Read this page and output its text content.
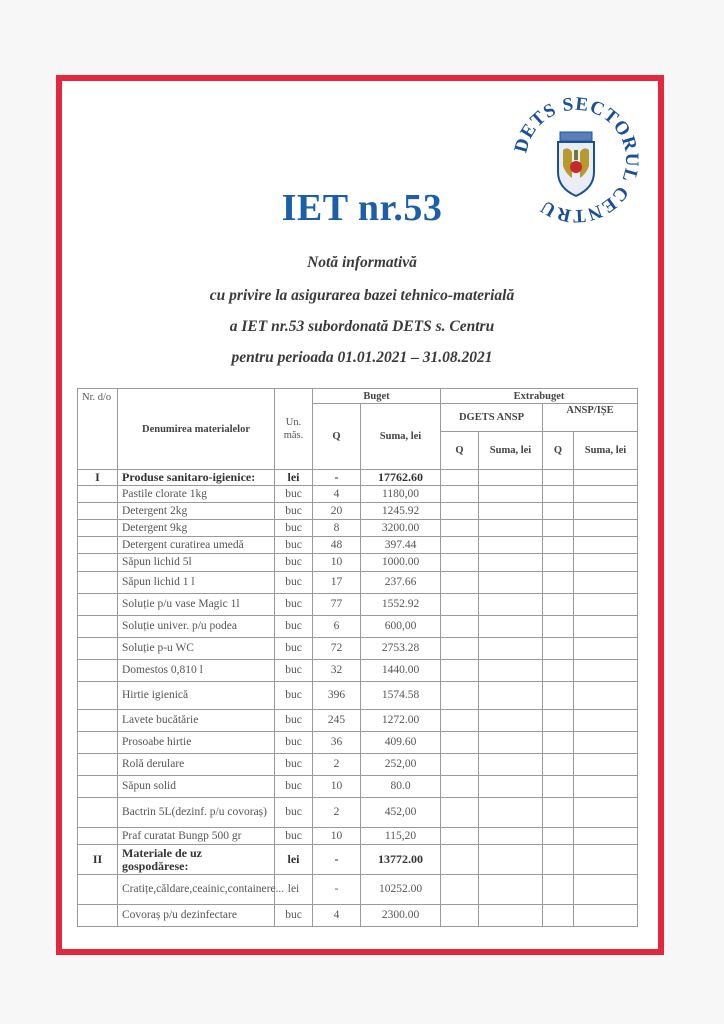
DETS SECTORUL CENTRU
IET nr.53
Notă informativă
cu privire la asigurarea bazei tehnico-materială
a IET nr.53 subordonată DETS s. Centru
pentru perioada 01.01.2021 – 31.08.2021
Nr. d/o	Denumirea materialelor	Un. măs.	Buget		Extrabuget			
			Q	Suma, lei	DGETS ANSP		ANSP/IȘE	
					Q	Suma, lei	Q	Suma, lei
I	Produse sanitaro-igienice:	lei	-	17762.60				
	Pastile clorate 1kg	buc	4	1180,00				
	Detergent 2kg	buc	20	1245.92				
	Detergent 9kg	buc	8	3200.00				
	Detergent curatirea umedă	buc	48	397.44				
	Săpun lichid 5l	buc	10	1000.00				
	Săpun lichid 1 l	buc	17	237.66				
	Soluție p/u vase Magic 1l	buc	77	1552.92				
	Soluție univer. p/u podea	buc	6	600,00				
	Soluție p-u WC	buc	72	2753.28				
	Domestos 0,810 l	buc	32	1440.00				
	Hirtie igienică	buc	396	1574.58				
	Lavete bucătărie	buc	245	1272.00				
	Prosoabe hirtie	buc	36	409.60				
	Rolă derulare	buc	2	252,00				
	Săpun solid	buc	10	80.0				
	Bactrin 5L(dezinf. p/u covoraș)	buc	2	452,00				
	Praf curatat Bungp 500 gr	buc	10	115,20				
II	Materiale de uz gospodărese:	lei	-	13772.00				
	Cratițe,căldare,ceainic,containere...	lei	-	10252.00				
	Covoraș p/u dezinfectare	buc	4	2300.00				
